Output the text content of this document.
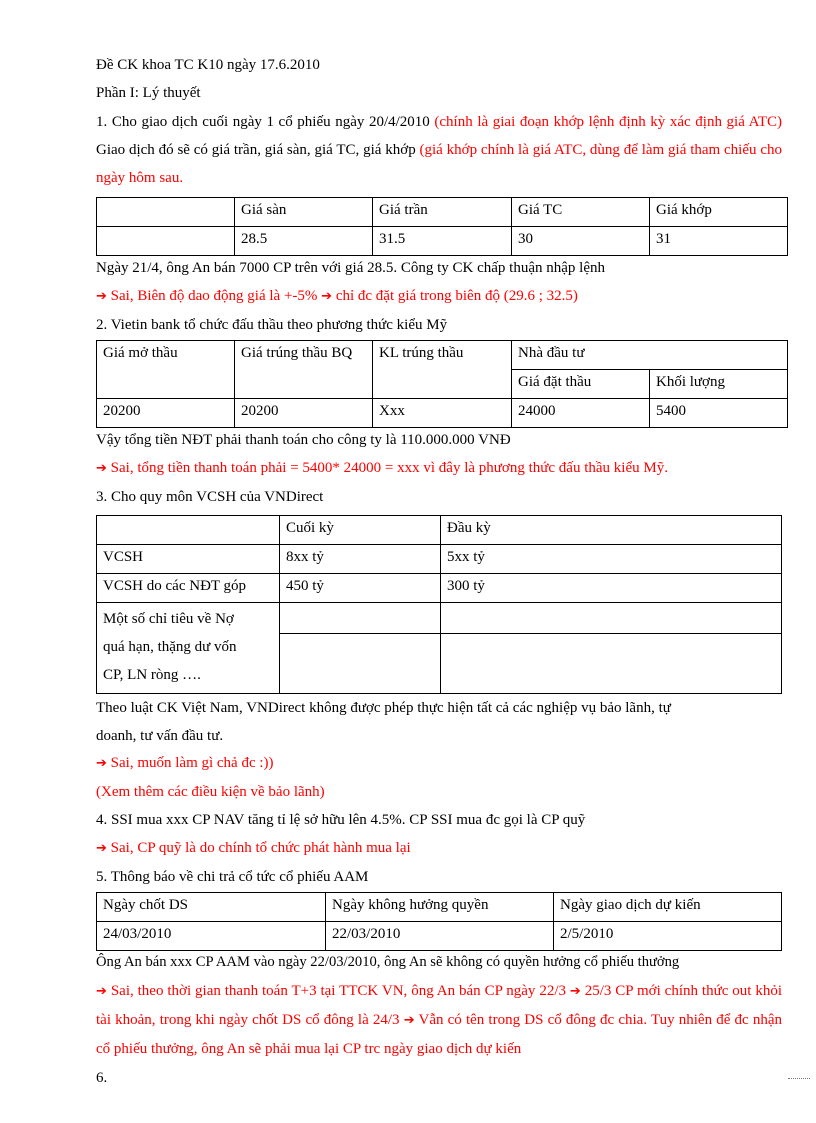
Đề CK khoa TC K10 ngày 17.6.2010

Phần I: Lý thuyết

1. Cho giao dịch cuối ngày 1 cổ phiếu ngày 20/4/2010 (chính là giai đoạn khớp lệnh định kỳ xác định giá ATC) Giao dịch đó sẽ có giá trần, giá sàn, giá TC, giá khớp (giá khớp chính là giá ATC, dùng để làm giá tham chiếu cho ngày hôm sau.

	Giá sàn	Giá trần	Giá TC	Giá khớp
	28.5	31.5	30	31

Ngày 21/4, ông An bán 7000 CP trên với giá 28.5. Công ty CK chấp thuận nhập lệnh

➔ Sai, Biên độ dao động giá là +-5% ➔ chỉ đc đặt giá trong biên độ (29.6 ; 32.5)

2. Vietin bank tổ chức đấu thầu theo phương thức kiểu Mỹ

Giá mở thầu	Giá trúng thầu BQ	KL trúng thầu	Nhà đầu tư	
			Giá đặt thầu	Khối lượng
20200	20200	Xxx	24000	5400

Vậy tổng tiền NĐT phải thanh toán cho công ty là 110.000.000 VNĐ

➔ Sai, tổng tiền thanh toán phải = 5400* 24000 = xxx vì đây là phương thức đấu thầu kiểu Mỹ.

3. Cho quy môn VCSH của VNDirect

	Cuối kỳ	Đầu kỳ
VCSH	8xx tỷ	5xx tỷ
VCSH do các NĐT góp	450 tỷ	300 tỷ

Một số chỉ tiêu về Nợ
quá hạn, thặng dư vốn
CP, LN ròng ….		

Theo luật CK Việt Nam, VNDirect không được phép thực hiện tất cả các nghiệp vụ bảo lãnh, tự
doanh, tư vấn đầu tư.

➔ Sai, muốn làm gì chả đc :))

(Xem thêm các điều kiện về bảo lãnh)

4. SSI mua xxx CP NAV tăng tỉ lệ sở hữu lên 4.5%. CP SSI mua đc gọi là CP quỹ

➔ Sai, CP quỹ là do chính tổ chức phát hành mua lại

5. Thông báo về chi trả cổ tức cổ phiếu AAM

Ngày chốt DS	Ngày không hưởng quyền	Ngày giao dịch dự kiến
24/03/2010	22/03/2010	2/5/2010

Ông An bán xxx CP AAM vào ngày 22/03/2010, ông An sẽ không có quyền hưởng cổ phiếu thưởng

➔ Sai, theo thời gian thanh toán T+3 tại TTCK VN, ông An bán CP ngày 22/3 ➔ 25/3 CP mới chính thức out khỏi tài khoản, trong khi ngày chốt DS cổ đông là 24/3 ➔ Vẫn có tên trong DS cổ đông đc chia. Tuy nhiên để đc nhận cổ phiếu thưởng, ông An sẽ phải mua lại CP trc ngày giao dịch dự kiến

6.
